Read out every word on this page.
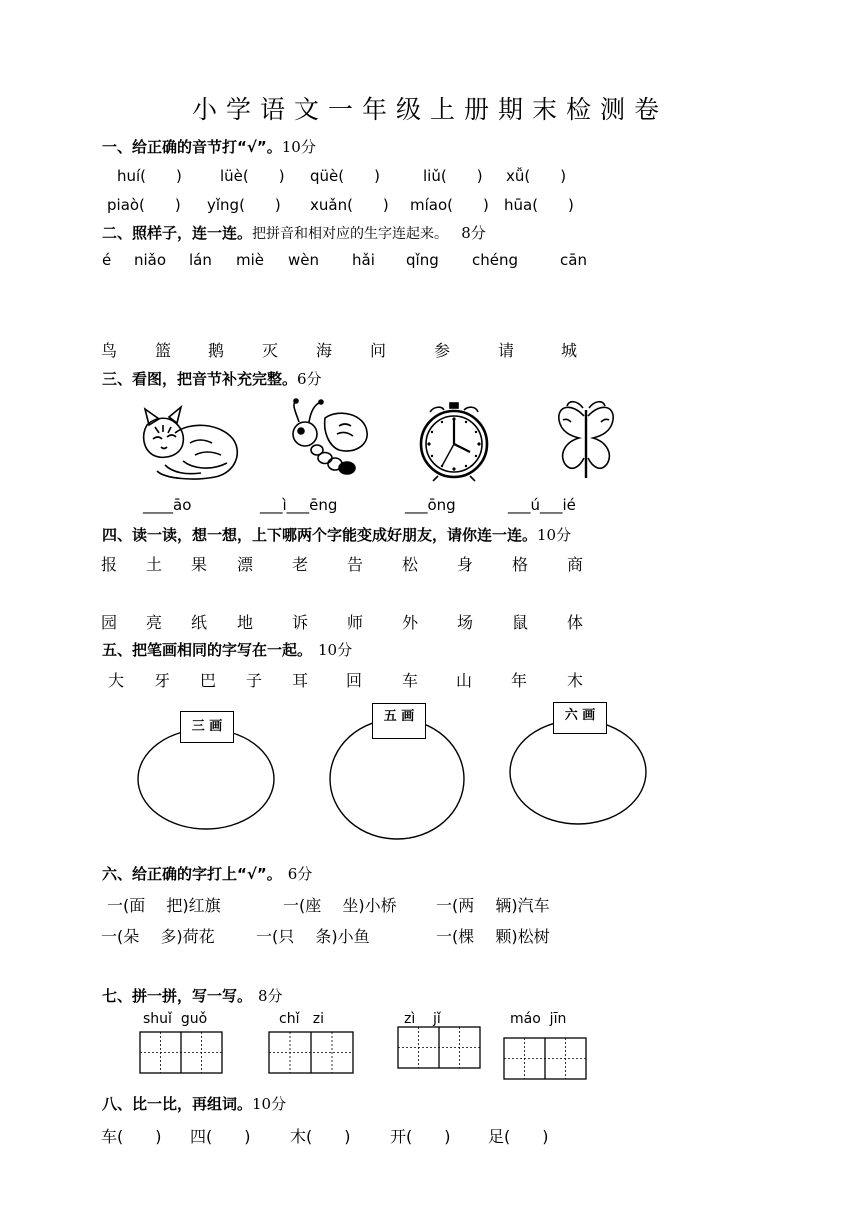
小学语文一年级上册期末检测卷
一、给正确的音节打“√”。10分
huí(　　)	lüè(　　) qüè(　　)	liǔ(　　) xǚ(　　)
piaò(　　) yǐng(　　) xuǎn(　　) míao(　　) hūa(　　)
二、照样子，连一连。把拼音和相对应的生字连起来。 8分
é niǎo lán miè wèn hǎi qǐng chéng	cān
鸟 篮 鹅 灭 海 问	参	请	城
三、看图，把音节补充完整。6分
____āo	___ì___ēng	___ōng	___ú___ié
四、读一读，想一想，上下哪两个字能变成好朋友，请你连一连。10分
报 土 果 漂 老 告 松 身 格 商
园 亮 纸 地 诉 师 外 场 鼠 体
五、把笔画相同的字写在一起。 10分
大 牙 巴 子 耳 回 车 山 年 木
三 画
五 画	六 画
六、给正确的字打上“√”。 6分
一(面　 把)红旗	一(座　 坐)小桥 一(两　 辆)汽车
一(朵　 多)荷花	一(只　 条)小鱼	一(棵　 颗)松树
七、拼一拼，写一写。 8分
shuǐ  guǒ	chǐ   zi	zì    jǐ	máo  jīn
八、比一比，再组词。10分
车(　　) 四(　　) 木(　　) 开(　　) 足(　　)
